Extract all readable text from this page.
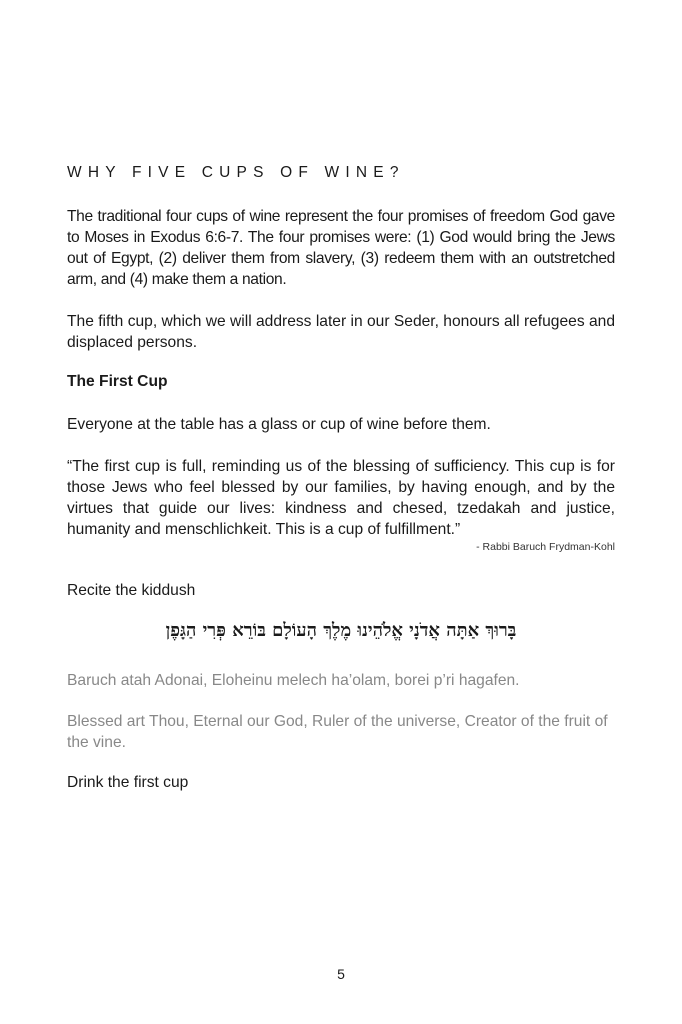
WHY FIVE CUPS OF WINE?

The traditional four cups of wine represent the four promises of freedom God gave to Moses in Exodus 6:6-7. The four promises were: (1) God would bring the Jews out of Egypt, (2) deliver them from slavery, (3) redeem them with an outstretched arm, and (4) make them a nation.

The fifth cup, which we will address later in our Seder, honours all refugees and displaced persons.

The First Cup

Everyone at the table has a glass or cup of wine before them.

“The first cup is full, reminding us of the blessing of sufficiency. This cup is for those Jews who feel blessed by our families, by having enough, and by the virtues that guide our lives: kindness and chesed, tzedakah and justice, humanity and menschlichkeit. This is a cup of fulfillment.”

- Rabbi Baruch Frydman-Kohl

Recite the kiddush

בָּרוּךְ אַתָּה אֲדֹנָי אֱלֹהֵינוּ מֶלֶךְ הָעוֹלָם בּוֹרֵא פְּרִי הַגָּפֶן

Baruch atah Adonai, Eloheinu melech ha’olam, borei p’ri hagafen.

Blessed art Thou, Eternal our God, Ruler of the universe, Creator of the fruit of the vine.

Drink the first cup

5
